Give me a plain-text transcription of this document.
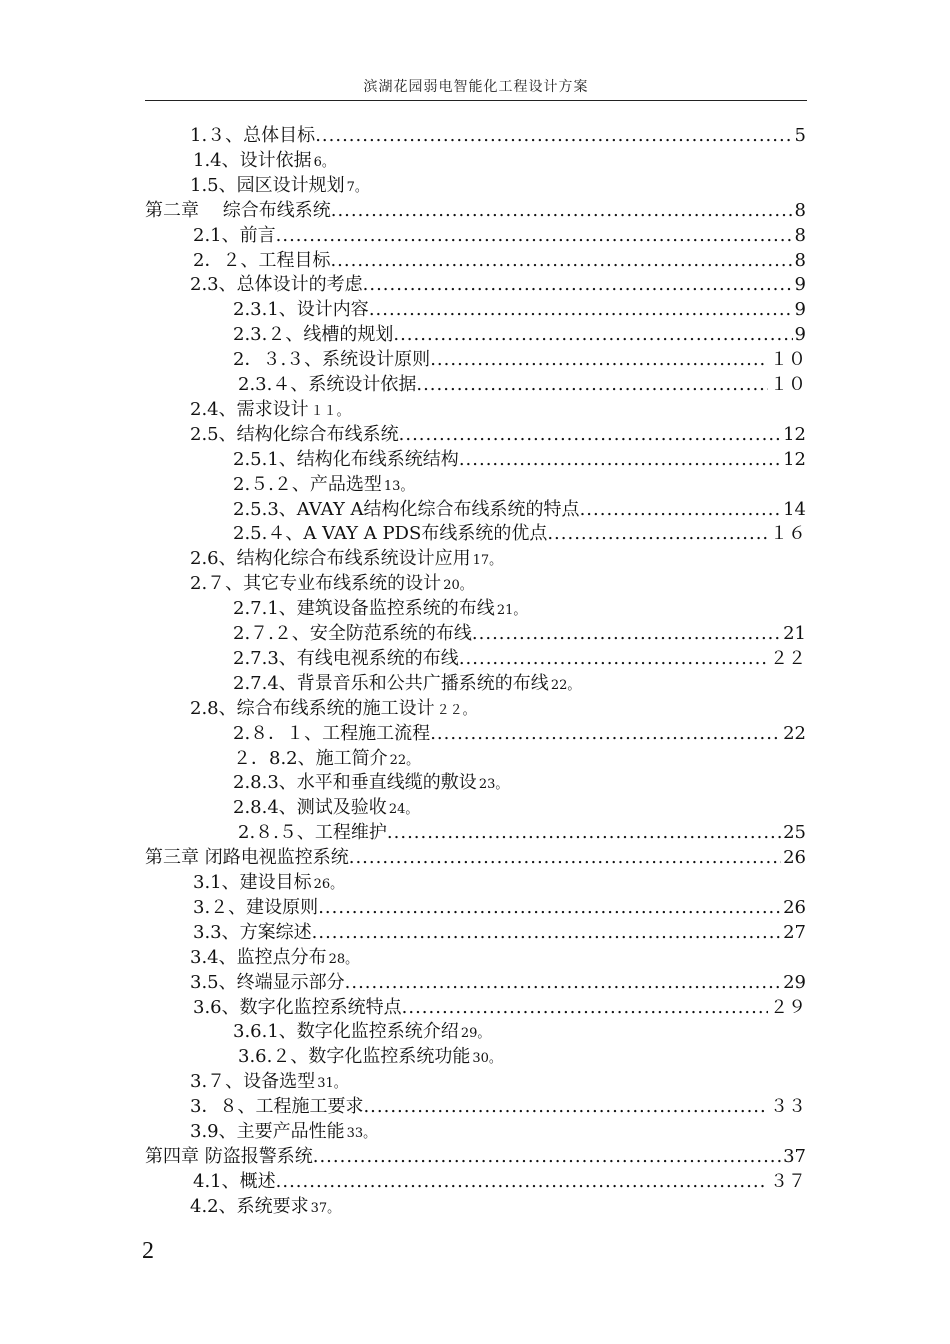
滨湖花园弱电智能化工程设计方案
1.３、总体目标 .....	5
1.4、设计依据 6。
1.5、园区设计规划 7。
第二章　 综合布线系统 .....	8
2.1、前言 .....	8
2．２、工程目标 .....	8
2.3、总体设计的考虑 .....	9
2.3.1、设计内容 .....	9
2.3.２、线槽的规划 .....	9
2．３.３、系统设计原则 .....	１０
2.3.４、系统设计依据 .....	１０
2.4、需求设计 １１。
2.5、结构化综合布线系统 .....	12
2.5.1、结构化布线系统结构 .....	12
2.５.２、产品选型 13。
2.5.3、AVAY A结构化综合布线系统的特点 .....	14
2.5.４、A VAY A PDS布线系统的优点 .....	１６
2.6、结构化综合布线系统设计应用 17。
2.７、其它专业布线系统的设计 20。
2.7.1、建筑设备监控系统的布线 21。
2.７.２、安全防范系统的布线 .....	21
2.7.3、有线电视系统的布线 .....	２２
2.7.4、背景音乐和公共广播系统的布线 22。
2.8、综合布线系统的施工设计 ２２。
2.８．１、工程施工流程 .....	22
２．8.2、施工简介 22。
2.8.3、水平和垂直线缆的敷设 23。
2.8.4、测试及验收 24。
2.８.５、工程维护 .....	25
第三章 闭路电视监控系统 .....	26
3.1、建设目标 26。
3.２、建设原则 .....	26
3.3、方案综述 .....	27
3.4、监控点分布 28。
3.5、终端显示部分 .....	29
3.6、数字化监控系统特点 .....	２９
3.6.1、数字化监控系统介绍 29。
3.6.２、数字化监控系统功能 30。
3.７、设备选型 31。
3．８、工程施工要求 .....	３３
3.9、主要产品性能 33。
第四章 防盗报警系统 .....	37
4.1、概述 .....	３７
4.2、系统要求 37。
2
